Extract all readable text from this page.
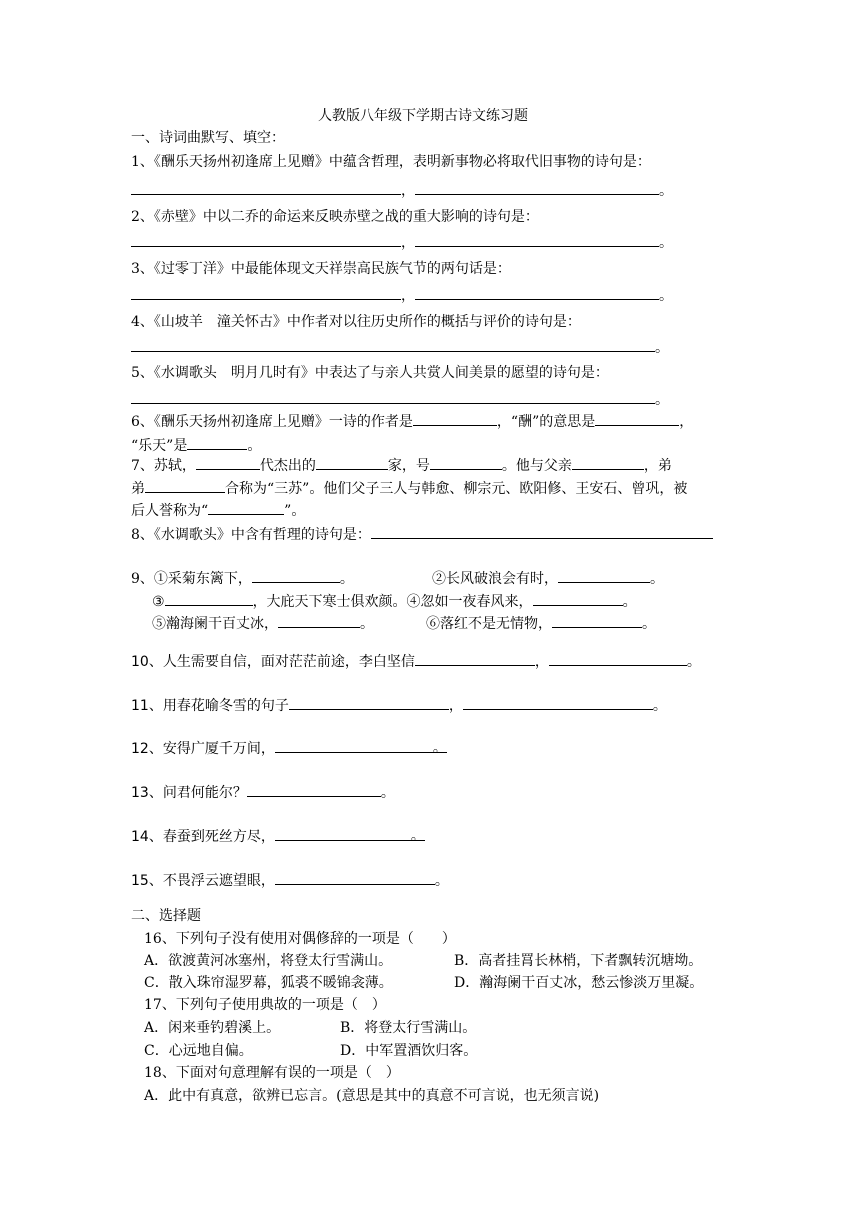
人教版八年级下学期古诗文练习题
一、诗词曲默写、填空：
1、《酬乐天扬州初逢席上见赠》中蕴含哲理，表明新事物必将取代旧事物的诗句是：
，	。
2、《赤壁》中以二乔的命运来反映赤壁之战的重大影响的诗句是：
，	。
3、《过零丁洋》中最能体现文天祥崇高民族气节的两句话是：
，	。
4、《山坡羊　潼关怀古》中作者对以往历史所作的概括与评价的诗句是：
。
5、《水调歌头　明月几时有》中表达了与亲人共赏人间美景的愿望的诗句是：
。
6、《酬乐天扬州初逢席上见赠》一诗的作者是	，“酬”的意思是	，
“乐天”是	。
7、苏轼，	代杰出的	家，号	。他与父亲	，弟
弟	合称为“三苏”。他们父子三人与韩愈、柳宗元、欧阳修、王安石、曾巩，被
后人誉称为“	”。
8、《水调歌头》中含有哲理的诗句是：
9、①采菊东篱下，	。	②长风破浪会有时，	。
③	，大庇天下寒士俱欢颜。④忽如一夜春风来，	。
⑤瀚海阑干百丈冰，	。	⑥落红不是无情物，	。
10、人生需要自信，面对茫茫前途，李白坚信	，	。
11、用春花喻冬雪的句子	，	。
12、安得广厦千万间，	。
13、问君何能尔？	。
14、春蚕到死丝方尽，	。
15、不畏浮云遮望眼，	。
二、选择题
16、下列句子没有使用对偶修辞的一项是（　　）
A．欲渡黄河冰塞州，将登太行雪满山。	B．高者挂罥长林梢，下者飘转沉塘坳。
C．散入珠帘湿罗幕，狐裘不暖锦衾薄。	D．瀚海阑干百丈冰，愁云惨淡万里凝。
17、下列句子使用典故的一项是（　）
A．闲来垂钓碧溪上。	B．将登太行雪满山。
C．心远地自偏。	D．中军置酒饮归客。
18、下面对句意理解有误的一项是（　）
A．此中有真意，欲辨已忘言。(意思是其中的真意不可言说，也无须言说)
